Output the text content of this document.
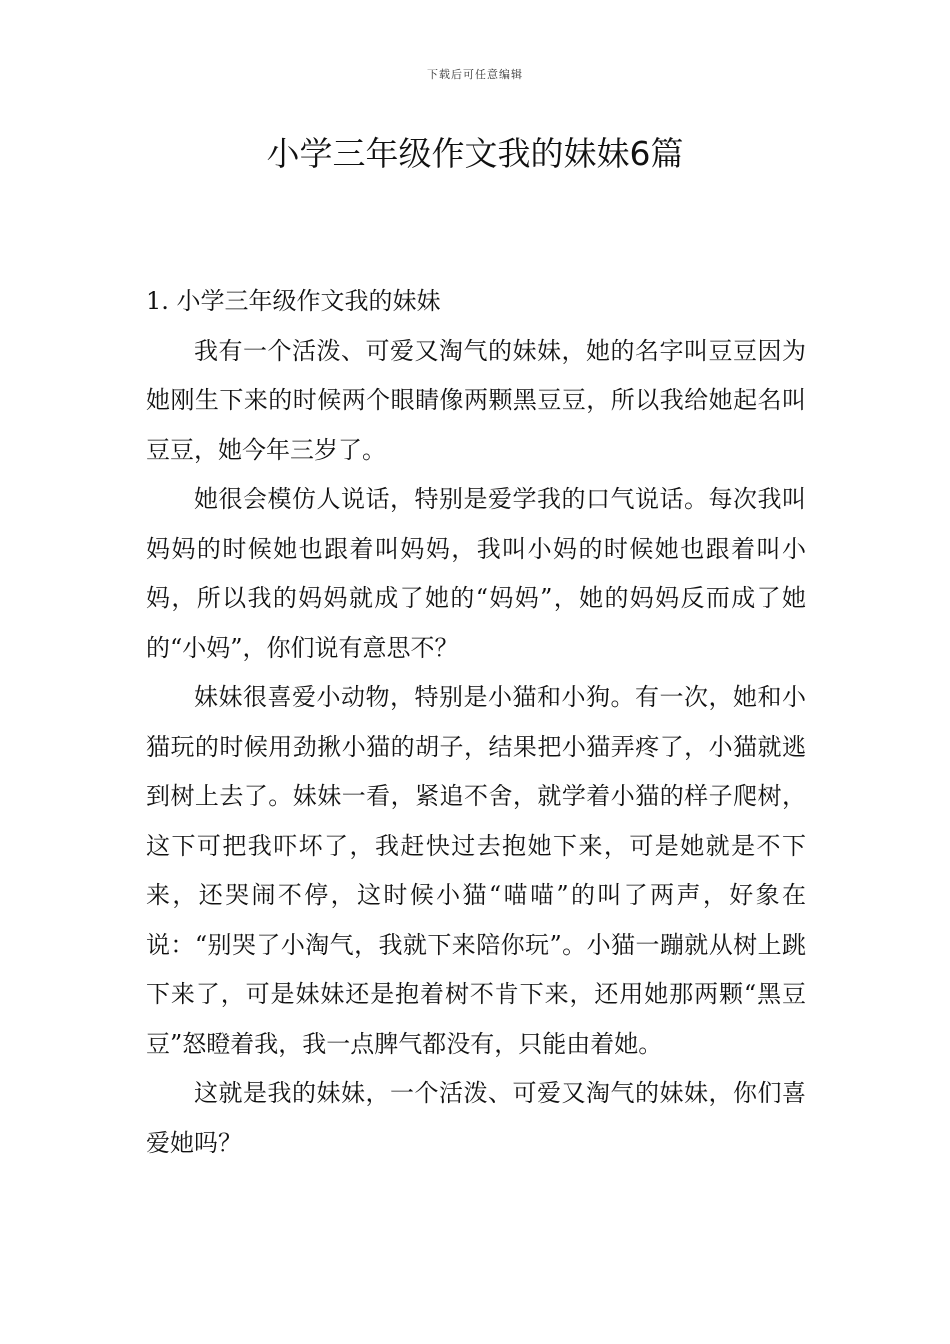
下载后可任意编辑
小学三年级作文我的妹妹6篇

1. 小学三年级作文我的妹妹

我有一个活泼、可爱又淘气的妹妹，她的名字叫豆豆因为她刚生下来的时候两个眼睛像两颗黑豆豆，所以我给她起名叫豆豆，她今年三岁了。

她很会模仿人说话，特别是爱学我的口气说话。每次我叫妈妈的时候她也跟着叫妈妈，我叫小妈的时候她也跟着叫小妈，所以我的妈妈就成了她的“妈妈”，她的妈妈反而成了她的“小妈”，你们说有意思不？

妹妹很喜爱小动物，特别是小猫和小狗。有一次，她和小猫玩的时候用劲揪小猫的胡子，结果把小猫弄疼了，小猫就逃到树上去了。妹妹一看，紧追不舍，就学着小猫的样子爬树，这下可把我吓坏了，我赶快过去抱她下来，可是她就是不下来，还哭闹不停，这时候小猫“喵喵”的叫了两声，好象在说：“别哭了小淘气，我就下来陪你玩”。小猫一蹦就从树上跳下来了，可是妹妹还是抱着树不肯下来，还用她那两颗“黑豆豆”怒瞪着我，我一点脾气都没有，只能由着她。

这就是我的妹妹，一个活泼、可爱又淘气的妹妹，你们喜爱她吗？
